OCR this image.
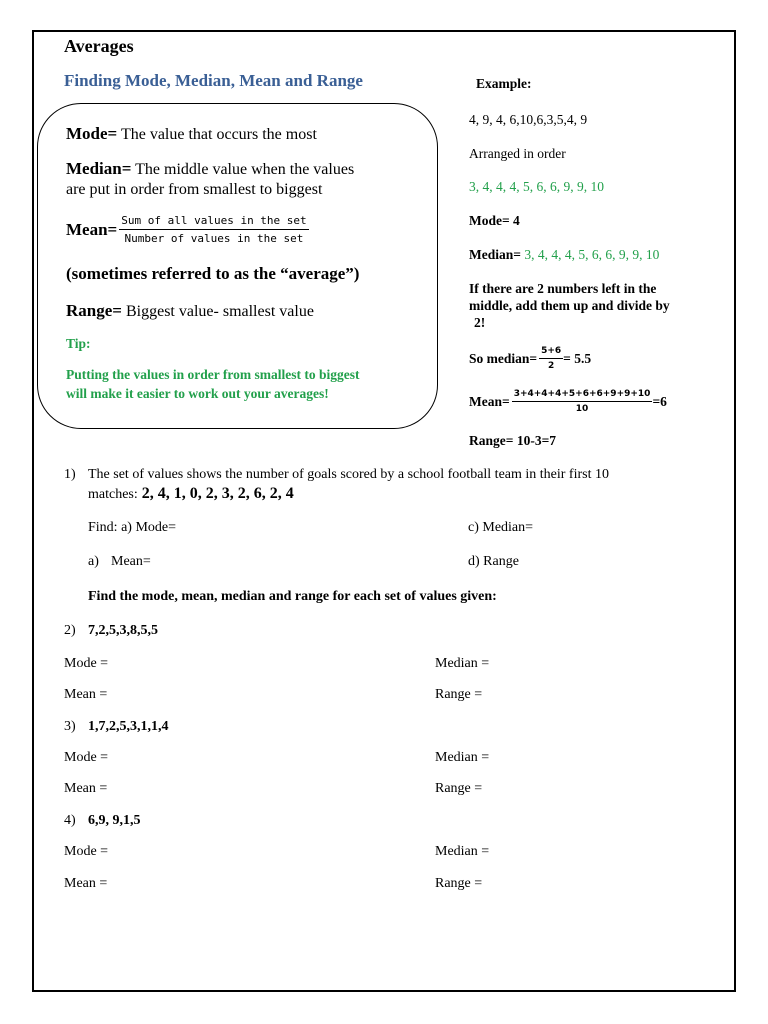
Averages
Finding Mode, Median, Mean and Range
Mode= The value that occurs the most
Median= The middle value when the values
are put in order from smallest to biggest
Mean= $\frac{\text{Sum of all values in the set}}{\text{Number of values in the set}}$
(sometimes referred to as the “average”)
Range= Biggest value- smallest value
Tip:
Putting the values in order from smallest to biggest
will make it easier to work out your averages!
Example:
4, 9, 4, 6,10,6,3,5,4, 9
Arranged in order
3, 4, 4, 4, 5, 6, 6, 9, 9, 10
Mode= 4
Median= 3, 4, 4, 4, 5, 6, 6, 9, 9, 10
If there are 2 numbers left in the
middle, add them up and divide by
2!
So median= $\frac{5+6}{2} = 5.5$
Mean= $\frac{3+4+4+4+5+6+6+9+9+10}{10} =6$
Range= 10-3=7
1) The set of values shows the number of goals scored by a school football team in their first 10
matches: 2, 4, 1, 0, 2, 3, 2, 6, 2, 4
Find: a) Mode=	c) Median=
a) Mean=	d) Range
Find the mode, mean, median and range for each set of values given:
2) 7,2,5,3,8,5,5
Mode =	Median =
Mean =	Range =
3) 1,7,2,5,3,1,1,4
Mode =	Median =
Mean =	Range =
4) 6,9, 9,1,5
Mode =	Median =
Mean =	Range =
